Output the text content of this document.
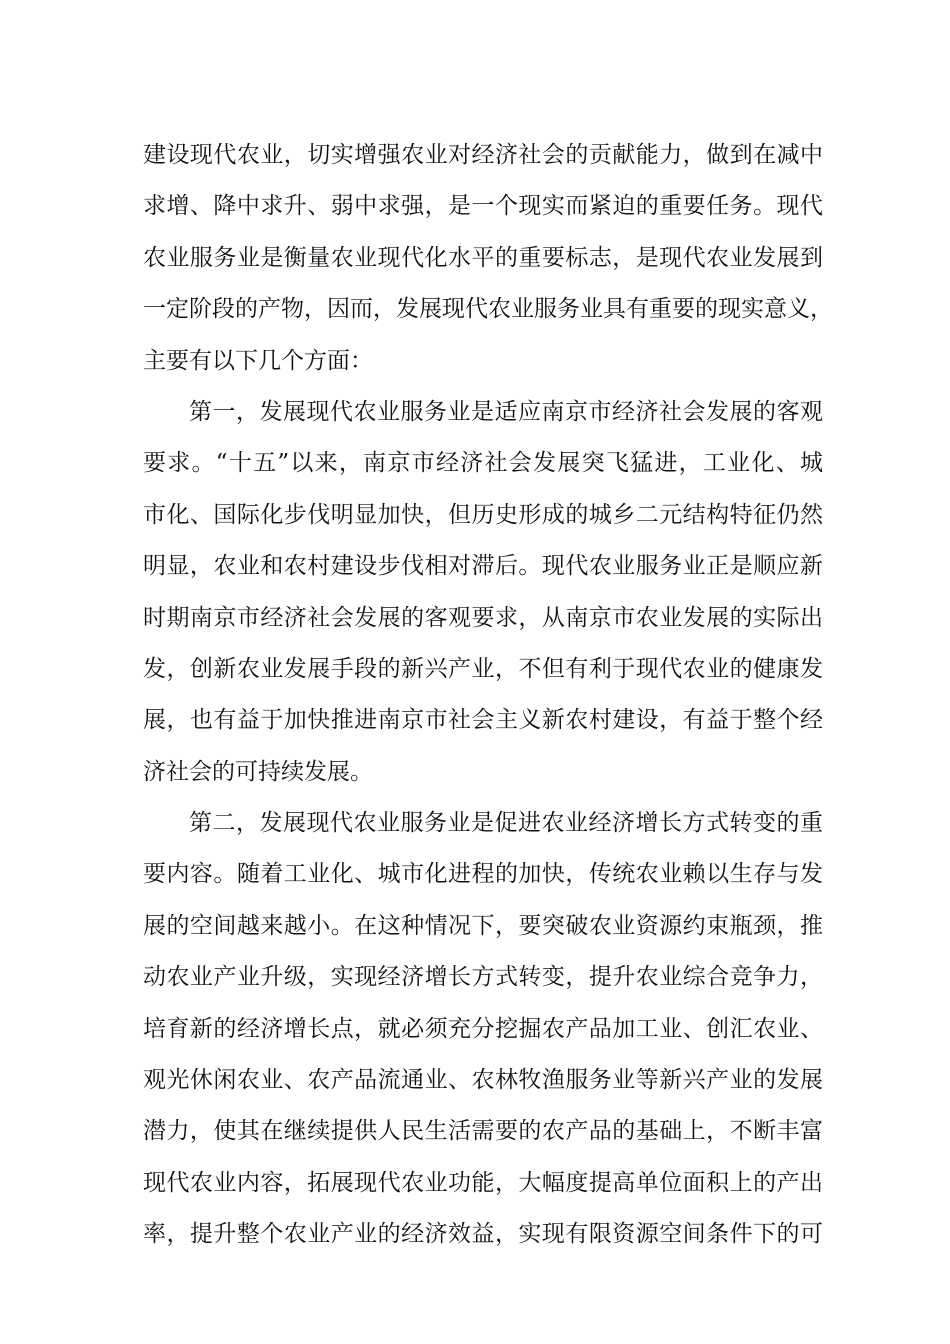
建设现代农业，切实增强农业对经济社会的贡献能力，做到在减中
求增、降中求升、弱中求强，是一个现实而紧迫的重要任务。现代
农业服务业是衡量农业现代化水平的重要标志，是现代农业发展到
一定阶段的产物，因而，发展现代农业服务业具有重要的现实意义，
主要有以下几个方面：
第一，发展现代农业服务业是适应南京市经济社会发展的客观
要求。“十五”以来，南京市经济社会发展突飞猛进，工业化、城
市化、国际化步伐明显加快，但历史形成的城乡二元结构特征仍然
明显，农业和农村建设步伐相对滞后。现代农业服务业正是顺应新
时期南京市经济社会发展的客观要求，从南京市农业发展的实际出
发，创新农业发展手段的新兴产业，不但有利于现代农业的健康发
展，也有益于加快推进南京市社会主义新农村建设，有益于整个经
济社会的可持续发展。
第二，发展现代农业服务业是促进农业经济增长方式转变的重
要内容。随着工业化、城市化进程的加快，传统农业赖以生存与发
展的空间越来越小。在这种情况下，要突破农业资源约束瓶颈，推
动农业产业升级，实现经济增长方式转变，提升农业综合竞争力，
培育新的经济增长点，就必须充分挖掘农产品加工业、创汇农业、
观光休闲农业、农产品流通业、农林牧渔服务业等新兴产业的发展
潜力，使其在继续提供人民生活需要的农产品的基础上，不断丰富
现代农业内容，拓展现代农业功能，大幅度提高单位面积上的产出
率，提升整个农业产业的经济效益，实现有限资源空间条件下的可
